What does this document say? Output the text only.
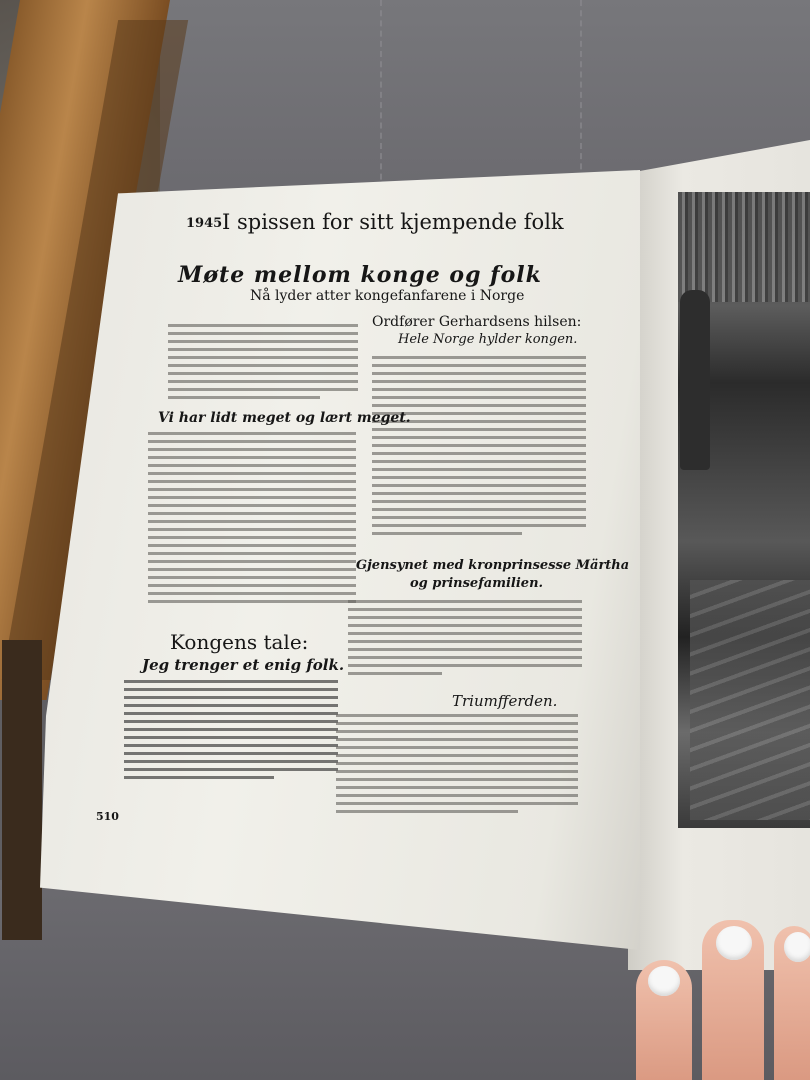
1945 I spissen for sitt kjempende folk
Møte mellom konge og folk
Nå lyder atter kongefanfarene i Norge
Ordfører Gerhardsens hilsen:
Hele Norge hylder kongen.
Vi har lidt meget og lært meget.
Gjensynet med kronprinsesse Märtha
og prinsefamilien.
Kongens tale:
Jeg trenger et enig folk.
Triumfferden.
510
